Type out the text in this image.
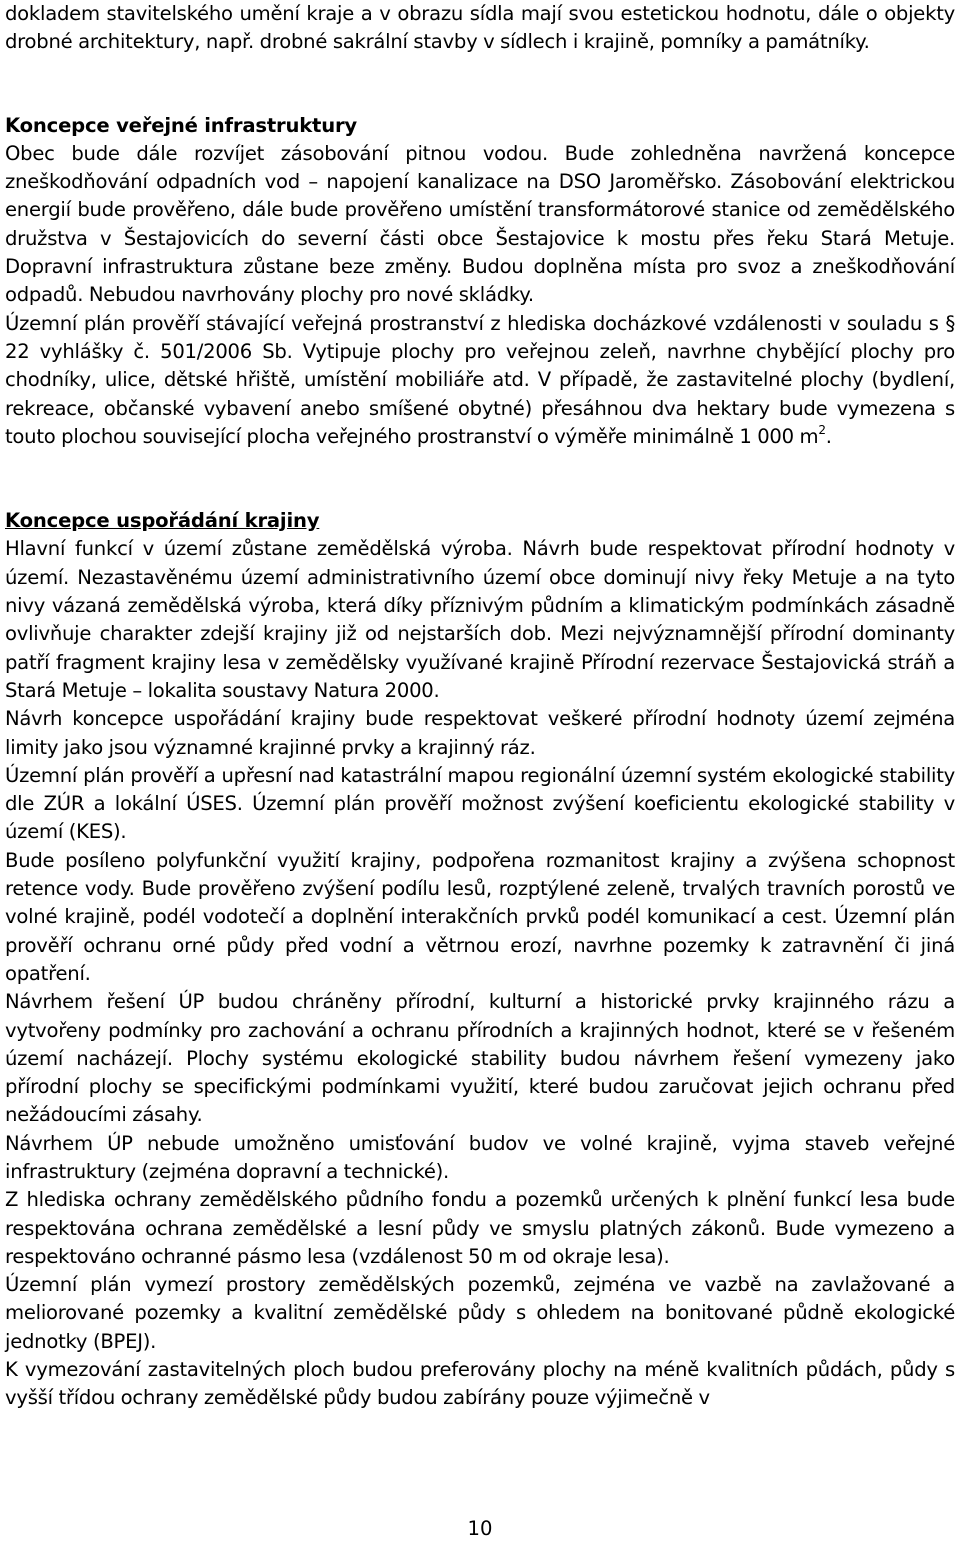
dokladem stavitelského umění kraje a v obrazu sídla mají svou estetickou hodnotu, dále o objekty drobné architektury, např. drobné sakrální stavby v sídlech i krajině, pomníky a památníky.

Koncepce veřejné infrastruktury

Obec bude dále rozvíjet zásobování pitnou vodou. Bude zohledněna navržená koncepce zneškodňování odpadních vod – napojení kanalizace na DSO Jaroměřsko. Zásobování elektrickou energií bude prověřeno, dále bude prověřeno umístění transformátorové stanice od zemědělského družstva v Šestajovicích do severní části obce Šestajovice k mostu přes řeku Stará Metuje. Dopravní infrastruktura zůstane beze změny. Budou doplněna místa pro svoz a zneškodňování odpadů. Nebudou navrhovány plochy pro nové skládky.

Územní plán prověří stávající veřejná prostranství z hlediska docházkové vzdálenosti v souladu s § 22 vyhlášky č. 501/2006 Sb. Vytipuje plochy pro veřejnou zeleň, navrhne chybějící plochy pro chodníky, ulice, dětské hřiště, umístění mobiliáře atd. V případě, že zastavitelné plochy (bydlení, rekreace, občanské vybavení anebo smíšené obytné) přesáhnou dva hektary bude vymezena s touto plochou související plocha veřejného prostranství o výměře minimálně 1 000 $m^2$.

Koncepce uspořádání krajiny

Hlavní funkcí v území zůstane zemědělská výroba. Návrh bude respektovat přírodní hodnoty v území. Nezastavěnému území administrativního území obce dominují nivy řeky Metuje a na tyto nivy vázaná zemědělská výroba, která díky příznivým půdním a klimatickým podmínkách zásadně ovlivňuje charakter zdejší krajiny již od nejstarších dob. Mezi nejvýznamnější přírodní dominanty patří fragment krajiny lesa v zemědělsky využívané krajině Přírodní rezervace Šestajovická stráň a Stará Metuje – lokalita soustavy Natura 2000.

Návrh koncepce uspořádání krajiny bude respektovat veškeré přírodní hodnoty území zejména limity jako jsou významné krajinné prvky a krajinný ráz.

Územní plán prověří a upřesní nad katastrální mapou regionální územní systém ekologické stability dle ZÚR a lokální ÚSES. Územní plán prověří možnost zvýšení koeficientu ekologické stability v území (KES).

Bude posíleno polyfunkční využití krajiny, podpořena rozmanitost krajiny a zvýšena schopnost retence vody. Bude prověřeno zvýšení podílu lesů, rozptýlené zeleně, trvalých travních porostů ve volné krajině, podél vodotečí a doplnění interakčních prvků podél komunikací a cest. Územní plán prověří ochranu orné půdy před vodní a větrnou erozí, navrhne pozemky k zatravnění či jiná opatření.

Návrhem řešení ÚP budou chráněny přírodní, kulturní a historické prvky krajinného rázu a vytvořeny podmínky pro zachování a ochranu přírodních a krajinných hodnot, které se v řešeném území nacházejí. Plochy systému ekologické stability budou návrhem řešení vymezeny jako přírodní plochy se specifickými podmínkami využití, které budou zaručovat jejich ochranu před nežádoucími zásahy.

Návrhem ÚP nebude umožněno umisťování budov ve volné krajině, vyjma staveb veřejné infrastruktury (zejména dopravní a technické).

Z hlediska ochrany zemědělského půdního fondu a pozemků určených k plnění funkcí lesa bude respektována ochrana zemědělské a lesní půdy ve smyslu platných zákonů. Bude vymezeno a respektováno ochranné pásmo lesa (vzdálenost 50 m od okraje lesa).

Územní plán vymezí prostory zemědělských pozemků, zejména ve vazbě na zavlažované a meliorované pozemky a kvalitní zemědělské půdy s ohledem na bonitované půdně ekologické jednotky (BPEJ).

K vymezování zastavitelných ploch budou preferovány plochy na méně kvalitních půdách, půdy s vyšší třídou ochrany zemědělské půdy budou zabírány pouze výjimečně v

10
